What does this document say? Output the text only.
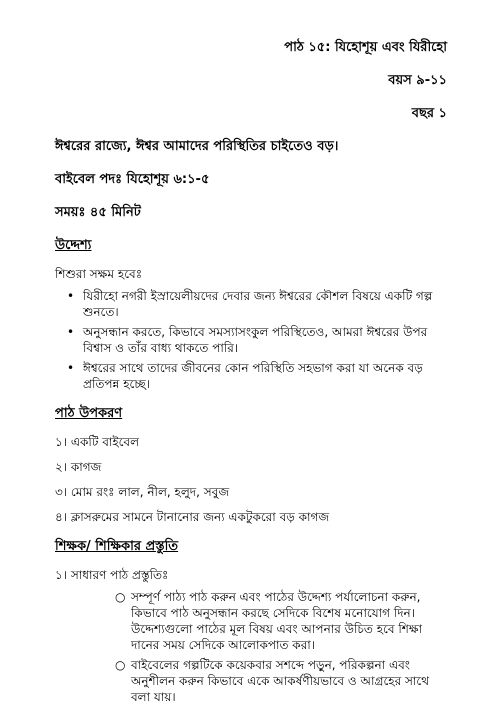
পাঠ ১৫: যিহোশূয় এবং যিরীহো

বয়স ৯-১১

বছর ১

ঈশ্বরের রাজ্যে, ঈশ্বর আমাদের পরিস্থিতির চাইতেও বড়।
বাইবেল পদঃ যিহোশূয় ৬:১-৫
সময়ঃ ৪৫ মিনিট
উদ্দেশ্য
শিশুরা সক্ষম হবেঃ
• যিরীহো নগরী ইস্রায়েলীয়দের দেবার জন্য ঈশ্বরের কৌশল বিষয়ে একটি গল্প শুনতে।
• অনুসন্ধান করতে, কিভাবে সমস্যাসংকুল পরিস্থিতেও, আমরা ঈশ্বরের উপর বিশ্বাস ও তাঁর বাধ্য থাকতে পারি।
• ঈশ্বরের সাথে তাদের জীবনের কোন পরিস্থিতি সহভাগ করা যা অনেক বড় প্রতিপন্ন হচ্ছে।
পাঠ উপকরণ
১। একটি বাইবেল
২। কাগজ
৩। মোম রংঃ লাল, নীল, হলুদ, সবুজ
৪। ক্লাসরুমের সামনে টানানোর জন্য একটুকরো বড় কাগজ
শিক্ষক/ শিক্ষিকার প্রস্তুতি
১। সাধারণ পাঠ প্রস্তুতিঃ
○ সম্পূর্ণ পাঠ্য পাঠ করুন এবং পাঠের উদ্দেশ্য পর্যালোচনা করুন, কিভাবে পাঠ অনুসন্ধান করছে সেদিকে বিশেষ মনোযোগ দিন। উদ্দেশ্যগুলো পাঠের মূল বিষয় এবং আপনার উচিত হবে শিক্ষা দানের সময় সেদিকে আলোকপাত করা।
○ বাইবেলের গল্পটিকে কয়েকবার সশব্দে পড়ুন, পরিকল্পনা এবং অনুশীলন করুন কিভাবে একে আকর্ষণীয়ভাবে ও আগ্রহের সাথে বলা যায়।
